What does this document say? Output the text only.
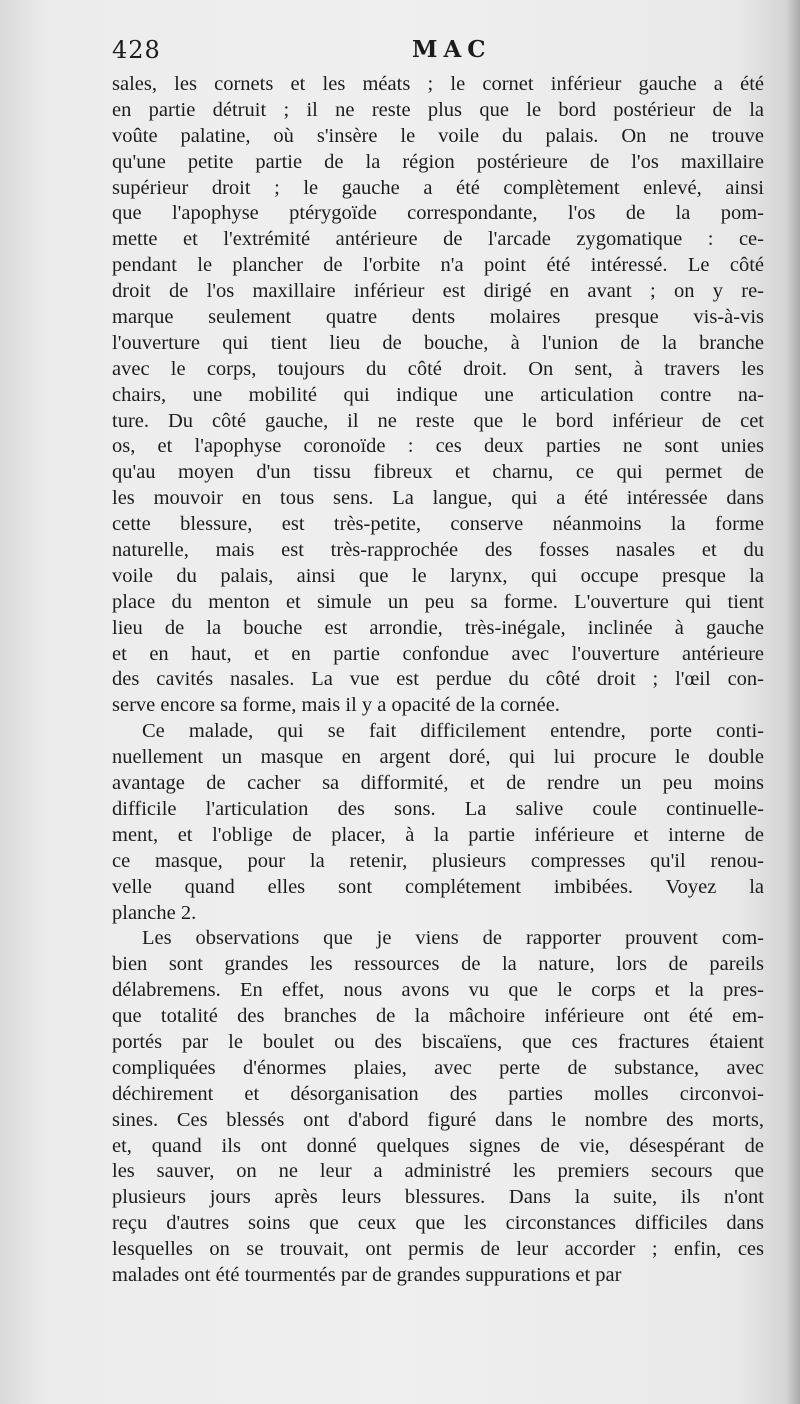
428	MAC
sales, les cornets et les méats ; le cornet inférieur gauche a été
en partie détruit ; il ne reste plus que le bord postérieur de la
voûte palatine, où s'insère le voile du palais. On ne trouve
qu'une petite partie de la région postérieure de l'os maxillaire
supérieur droit ; le gauche a été complètement enlevé, ainsi
que l'apophyse ptérygoïde correspondante, l'os de la pom-
mette et l'extrémité antérieure de l'arcade zygomatique : ce-
pendant le plancher de l'orbite n'a point été intéressé. Le côté
droit de l'os maxillaire inférieur est dirigé en avant ; on y re-
marque seulement quatre dents molaires presque vis-à-vis
l'ouverture qui tient lieu de bouche, à l'union de la branche
avec le corps, toujours du côté droit. On sent, à travers les
chairs, une mobilité qui indique une articulation contre na-
ture. Du côté gauche, il ne reste que le bord inférieur de cet
os, et l'apophyse coronoïde : ces deux parties ne sont unies
qu'au moyen d'un tissu fibreux et charnu, ce qui permet de
les mouvoir en tous sens. La langue, qui a été intéressée dans
cette blessure, est très-petite, conserve néanmoins la forme
naturelle, mais est très-rapprochée des fosses nasales et du
voile du palais, ainsi que le larynx, qui occupe presque la
place du menton et simule un peu sa forme. L'ouverture qui tient
lieu de la bouche est arrondie, très-inégale, inclinée à gauche
et en haut, et en partie confondue avec l'ouverture antérieure
des cavités nasales. La vue est perdue du côté droit ; l'œil con-
serve encore sa forme, mais il y a opacité de la cornée.
Ce malade, qui se fait difficilement entendre, porte conti-
nuellement un masque en argent doré, qui lui procure le double
avantage de cacher sa difformité, et de rendre un peu moins
difficile l'articulation des sons. La salive coule continuelle-
ment, et l'oblige de placer, à la partie inférieure et interne de
ce masque, pour la retenir, plusieurs compresses qu'il renou-
velle quand elles sont complétement imbibées. Voyez la
planche 2.
Les observations que je viens de rapporter prouvent com-
bien sont grandes les ressources de la nature, lors de pareils
délabremens. En effet, nous avons vu que le corps et la pres-
que totalité des branches de la mâchoire inférieure ont été em-
portés par le boulet ou des biscaïens, que ces fractures étaient
compliquées d'énormes plaies, avec perte de substance, avec
déchirement et désorganisation des parties molles circonvoi-
sines. Ces blessés ont d'abord figuré dans le nombre des morts,
et, quand ils ont donné quelques signes de vie, désespérant de
les sauver, on ne leur a administré les premiers secours que
plusieurs jours après leurs blessures. Dans la suite, ils n'ont
reçu d'autres soins que ceux que les circonstances difficiles dans
lesquelles on se trouvait, ont permis de leur accorder ; enfin, ces
malades ont été tourmentés par de grandes suppurations et par
